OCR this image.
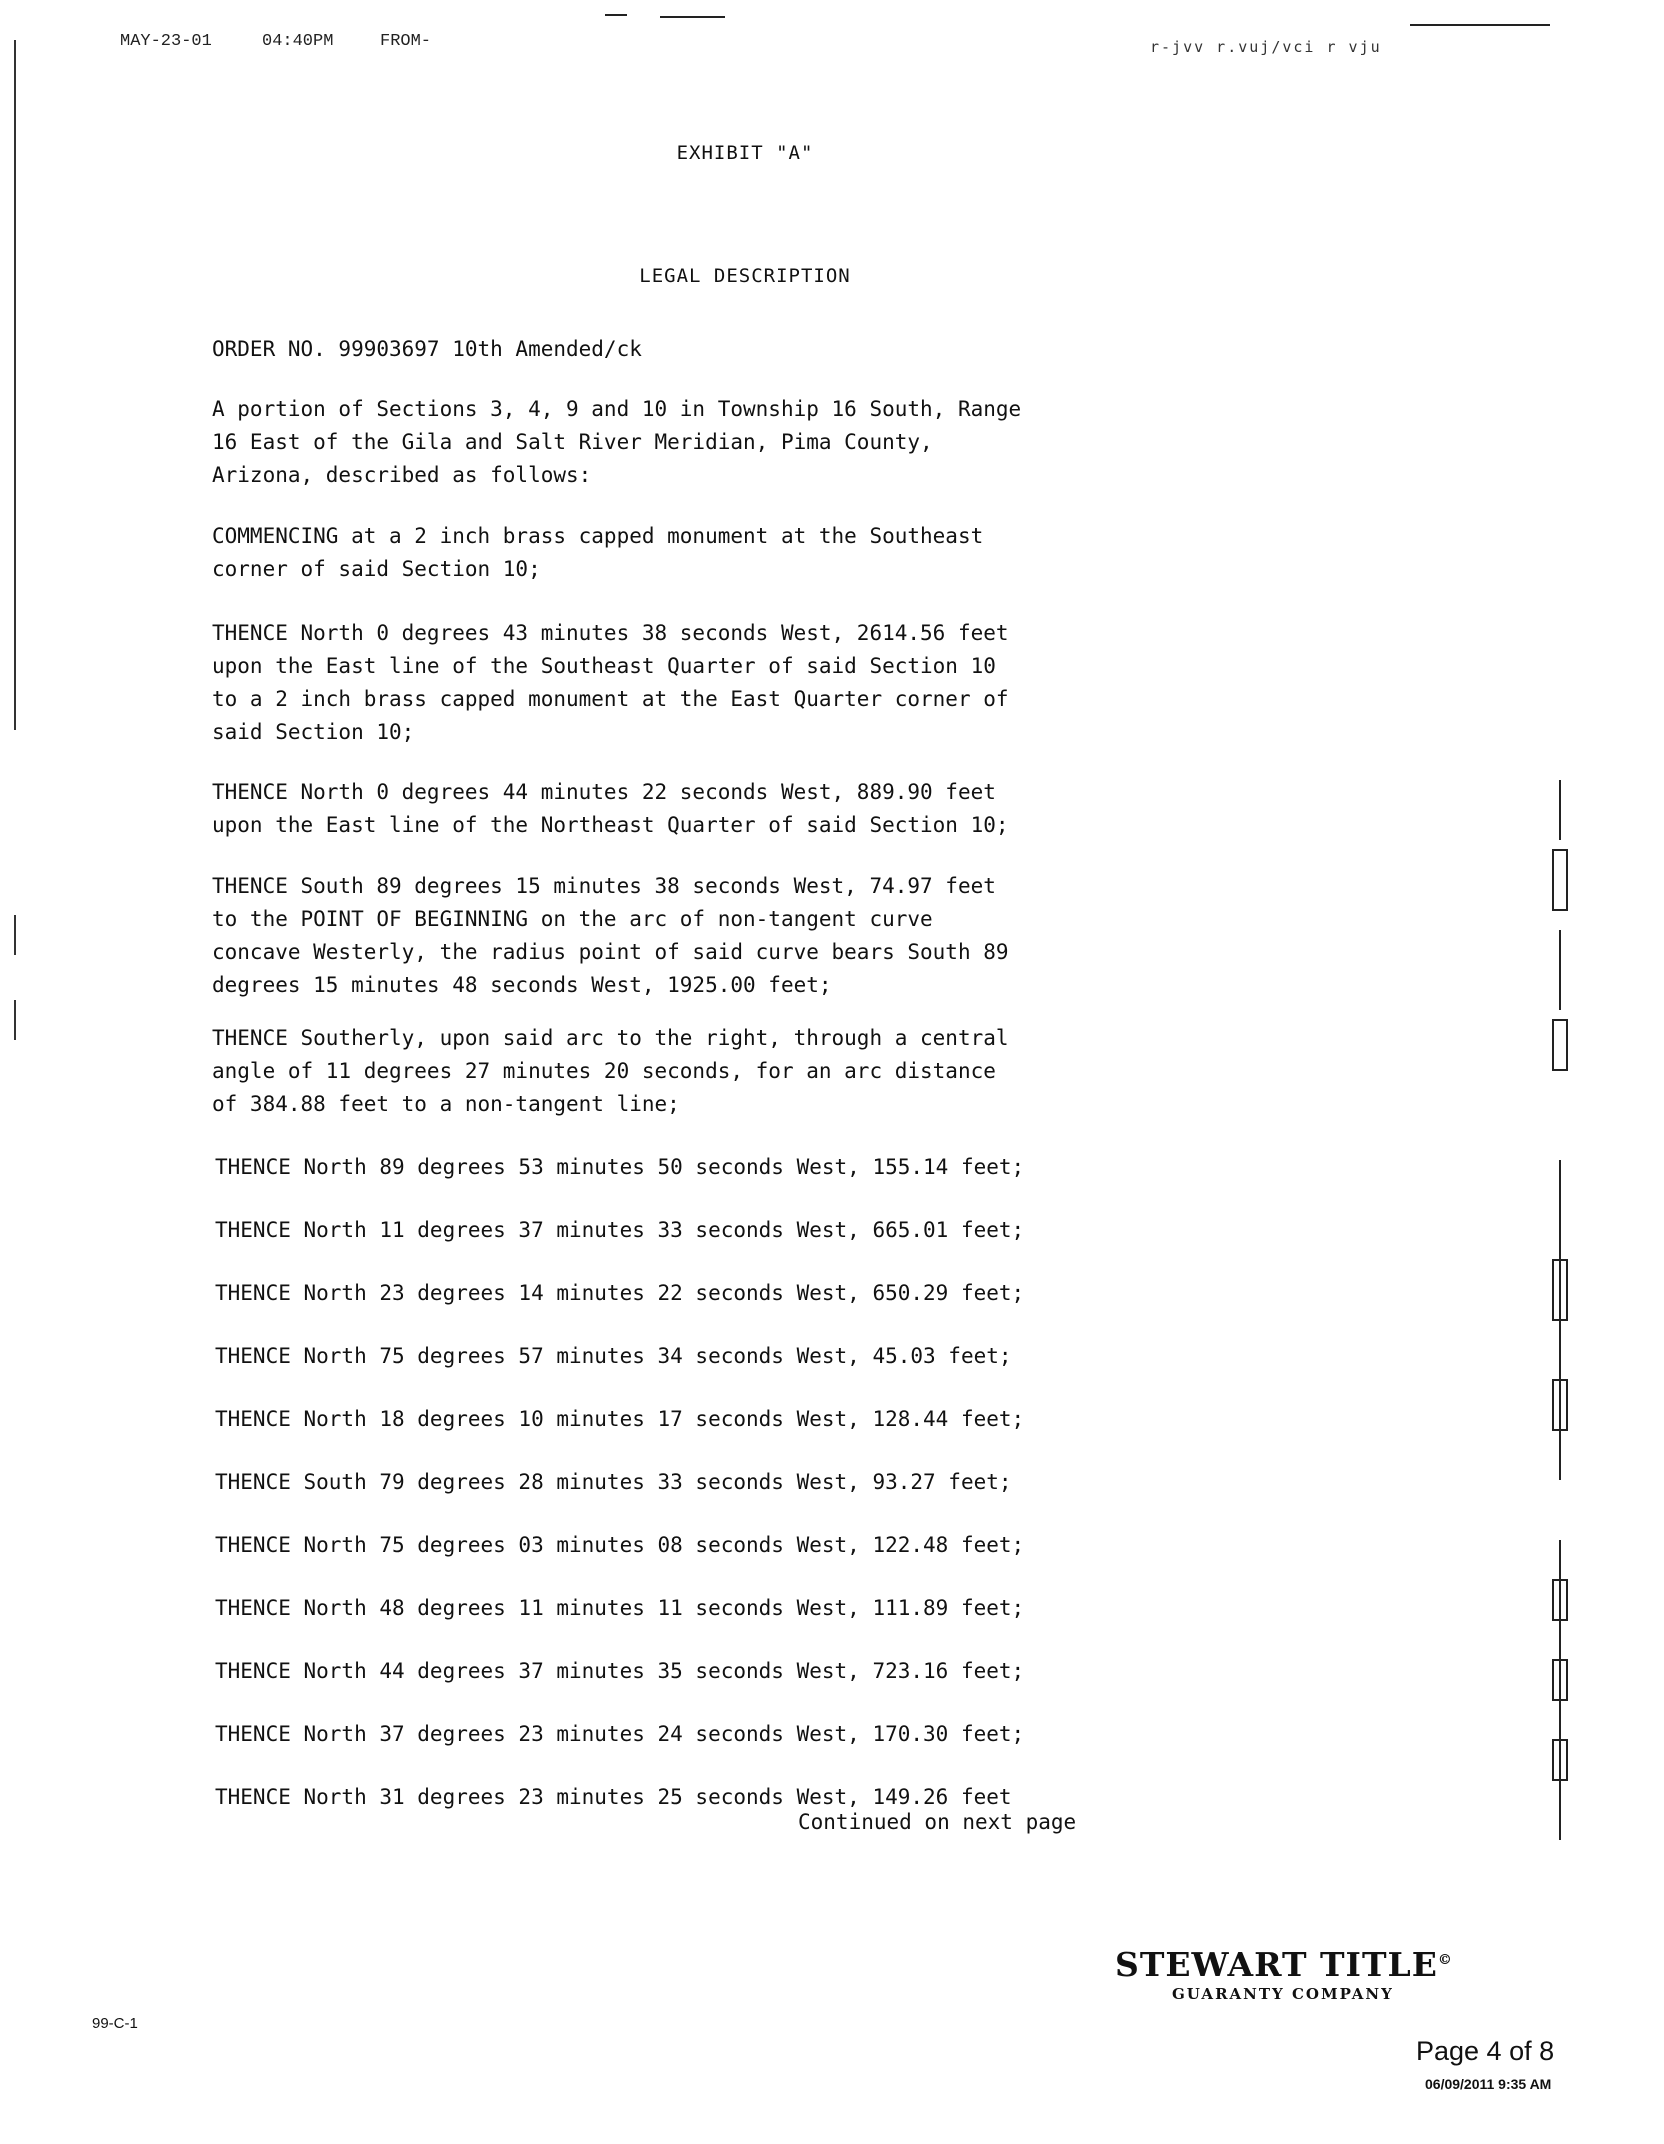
MAY-23-01	04:40PM	FROM-	r-jvv r.vuj/vci r vju
EXHIBIT "A"
LEGAL DESCRIPTION
ORDER NO. 99903697 10th Amended/ck
A portion of Sections 3, 4, 9 and 10 in Township 16 South, Range
16 East of the Gila and Salt River Meridian, Pima County,
Arizona, described as follows:
COMMENCING at a 2 inch brass capped monument at the Southeast
corner of said Section 10;
THENCE North 0 degrees 43 minutes 38 seconds West, 2614.56 feet
upon the East line of the Southeast Quarter of said Section 10
to a 2 inch brass capped monument at the East Quarter corner of
said Section 10;
THENCE North 0 degrees 44 minutes 22 seconds West, 889.90 feet
upon the East line of the Northeast Quarter of said Section 10;
THENCE South 89 degrees 15 minutes 38 seconds West, 74.97 feet
to the POINT OF BEGINNING on the arc of non-tangent curve
concave Westerly, the radius point of said curve bears South 89
degrees 15 minutes 48 seconds West, 1925.00 feet;
THENCE Southerly, upon said arc to the right, through a central
angle of 11 degrees 27 minutes 20 seconds, for an arc distance
of 384.88 feet to a non-tangent line;
THENCE North 89 degrees 53 minutes 50 seconds West, 155.14 feet;
THENCE North 11 degrees 37 minutes 33 seconds West, 665.01 feet;
THENCE North 23 degrees 14 minutes 22 seconds West, 650.29 feet;
THENCE North 75 degrees 57 minutes 34 seconds West, 45.03 feet;
THENCE North 18 degrees 10 minutes 17 seconds West, 128.44 feet;
THENCE South 79 degrees 28 minutes 33 seconds West, 93.27 feet;
THENCE North 75 degrees 03 minutes 08 seconds West, 122.48 feet;
THENCE North 48 degrees 11 minutes 11 seconds West, 111.89 feet;
THENCE North 44 degrees 37 minutes 35 seconds West, 723.16 feet;
THENCE North 37 degrees 23 minutes 24 seconds West, 170.30 feet;
THENCE North 31 degrees 23 minutes 25 seconds West, 149.26 feet
Continued on next page
STEWART TITLE©
GUARANTY COMPANY
99-C-1
Page 4 of 8
06/09/2011 9:35 AM
